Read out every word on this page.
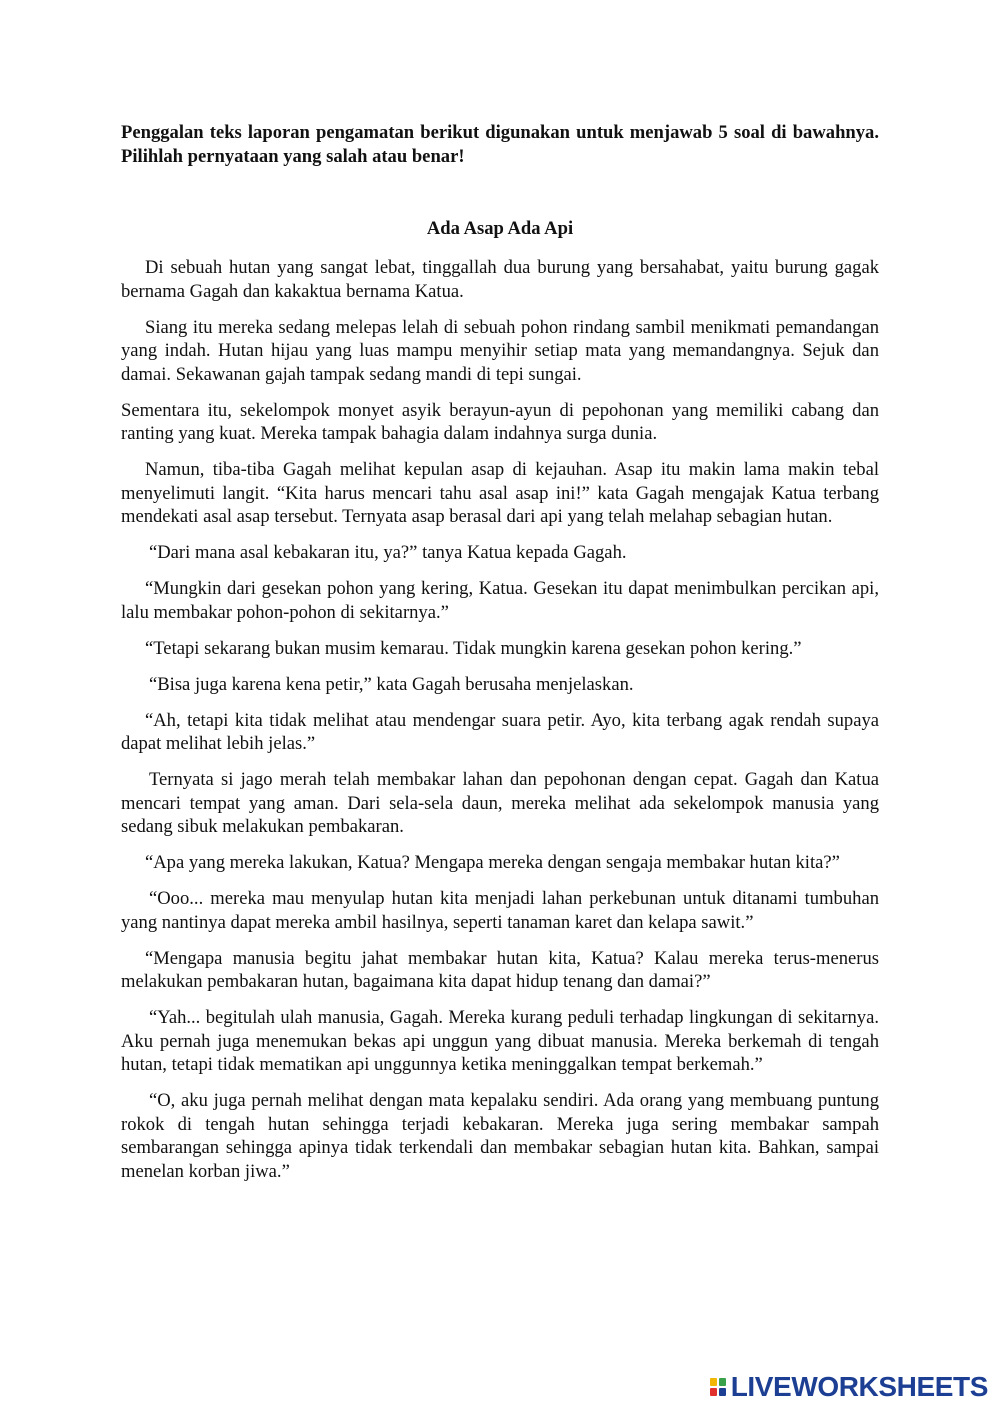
Penggalan teks laporan pengamatan berikut digunakan untuk menjawab 5 soal di bawahnya. Pilihlah pernyataan yang salah atau benar!

Ada Asap Ada Api

Di sebuah hutan yang sangat lebat, tinggallah dua burung yang bersahabat, yaitu burung gagak bernama Gagah dan kakaktua bernama Katua.

Siang itu mereka sedang melepas lelah di sebuah pohon rindang sambil menikmati pemandangan yang indah. Hutan hijau yang luas mampu menyihir setiap mata yang memandangnya. Sejuk dan damai. Sekawanan gajah tampak sedang mandi di tepi sungai.

Sementara itu, sekelompok monyet asyik berayun-ayun di pepohonan yang memiliki cabang dan ranting yang kuat. Mereka tampak bahagia dalam indahnya surga dunia.

Namun, tiba-tiba Gagah melihat kepulan asap di kejauhan. Asap itu makin lama makin tebal menyelimuti langit. “Kita harus mencari tahu asal asap ini!” kata Gagah mengajak Katua terbang mendekati asal asap tersebut. Ternyata asap berasal dari api yang telah melahap sebagian hutan.

“Dari mana asal kebakaran itu, ya?” tanya Katua kepada Gagah.

“Mungkin dari gesekan pohon yang kering, Katua. Gesekan itu dapat menimbulkan percikan api, lalu membakar pohon-pohon di sekitarnya.”

“Tetapi sekarang bukan musim kemarau. Tidak mungkin karena gesekan pohon kering.”

“Bisa juga karena kena petir,” kata Gagah berusaha menjelaskan.

“Ah, tetapi kita tidak melihat atau mendengar suara petir. Ayo, kita terbang agak rendah supaya dapat melihat lebih jelas.”

Ternyata si jago merah telah membakar lahan dan pepohonan dengan cepat. Gagah dan Katua mencari tempat yang aman. Dari sela-sela daun, mereka melihat ada sekelompok manusia yang sedang sibuk melakukan pembakaran.

“Apa yang mereka lakukan, Katua? Mengapa mereka dengan sengaja membakar hutan kita?”

“Ooo... mereka mau menyulap hutan kita menjadi lahan perkebunan untuk ditanami tumbuhan yang nantinya dapat mereka ambil hasilnya, seperti tanaman karet dan kelapa sawit.”

“Mengapa manusia begitu jahat membakar hutan kita, Katua? Kalau mereka terus-menerus melakukan pembakaran hutan, bagaimana kita dapat hidup tenang dan damai?”

“Yah... begitulah ulah manusia, Gagah. Mereka kurang peduli terhadap lingkungan di sekitarnya. Aku pernah juga menemukan bekas api unggun yang dibuat manusia. Mereka berkemah di tengah hutan, tetapi tidak mematikan api unggunnya ketika meninggalkan tempat berkemah.”

“O, aku juga pernah melihat dengan mata kepalaku sendiri. Ada orang yang membuang puntung rokok di tengah hutan sehingga terjadi kebakaran. Mereka juga sering membakar sampah sembarangan sehingga apinya tidak terkendali dan membakar sebagian hutan kita. Bahkan, sampai menelan korban jiwa.”

LIVEWORKSHEETS
